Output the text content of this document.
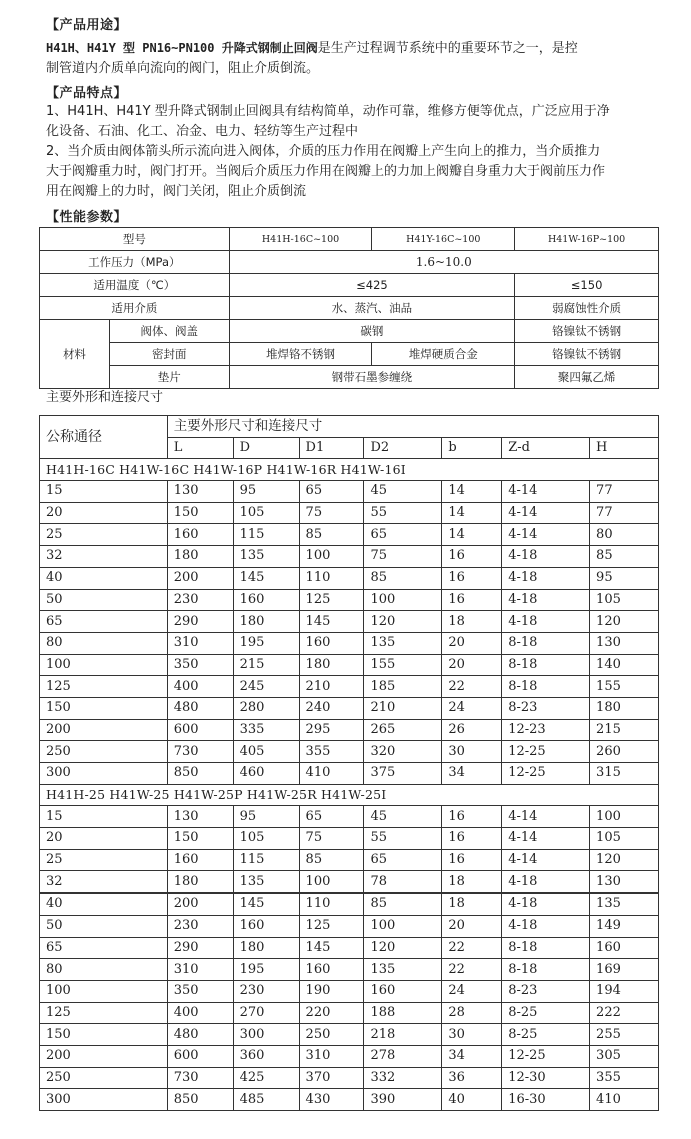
【产品用途】
H41H、H41Y 型 PN16~PN100 升降式钢制止回阀是生产过程调节系统中的重要环节之一，是控
制管道内介质单向流向的阀门，阻止介质倒流。
【产品特点】
1、H41H、H41Y 型升降式钢制止回阀具有结构简单，动作可靠，维修方便等优点，广泛应用于净
化设备、石油、化工、冶金、电力、轻纺等生产过程中
2、当介质由阀体箭头所示流向进入阀体，介质的压力作用在阀瓣上产生向上的推力，当介质推力
大于阀瓣重力时，阀门打开。当阀后介质压力作用在阀瓣上的力加上阀瓣自身重力大于阀前压力作
用在阀瓣上的力时，阀门关闭，阻止介质倒流
【性能参数】
型号		H41H-16C~100	H41Y-16C~100	H41W-16P~100
工作压力（MPa）		1.6~10.0		
适用温度（℃）		≤425		≤150
适用介质		水、蒸汽、油品		弱腐蚀性介质
材料	阀体、阀盖	碳钢		铬镍钛不锈钢
	密封面	堆焊铬不锈钢	堆焊硬质合金	铬镍钛不锈钢
	垫片	钢带石墨参缠绕		聚四氟乙烯
主要外形和连接尺寸
公称通径	主要外形尺寸和连接尺寸						
	L	D	D1	D2	b	Z-d	H
H41H-16C H41W-16C H41W-16P H41W-16R H41W-16I							
15	130	95	65	45	14	4-14	77
20	150	105	75	55	14	4-14	77
25	160	115	85	65	14	4-14	80
32	180	135	100	75	16	4-18	85
40	200	145	110	85	16	4-18	95
50	230	160	125	100	16	4-18	105
65	290	180	145	120	18	4-18	120
80	310	195	160	135	20	8-18	130
100	350	215	180	155	20	8-18	140
125	400	245	210	185	22	8-18	155
150	480	280	240	210	24	8-23	180
200	600	335	295	265	26	12-23	215
250	730	405	355	320	30	12-25	260
300	850	460	410	375	34	12-25	315
H41H-25 H41W-25 H41W-25P H41W-25R H41W-25I							
15	130	95	65	45	16	4-14	100
20	150	105	75	55	16	4-14	105
25	160	115	85	65	16	4-14	120
32	180	135	100	78	18	4-18	130
40	200	145	110	85	18	4-18	135
50	230	160	125	100	20	4-18	149
65	290	180	145	120	22	8-18	160
80	310	195	160	135	22	8-18	169
100	350	230	190	160	24	8-23	194
125	400	270	220	188	28	8-25	222
150	480	300	250	218	30	8-25	255
200	600	360	310	278	34	12-25	305
250	730	425	370	332	36	12-30	355
300	850	485	430	390	40	16-30	410
